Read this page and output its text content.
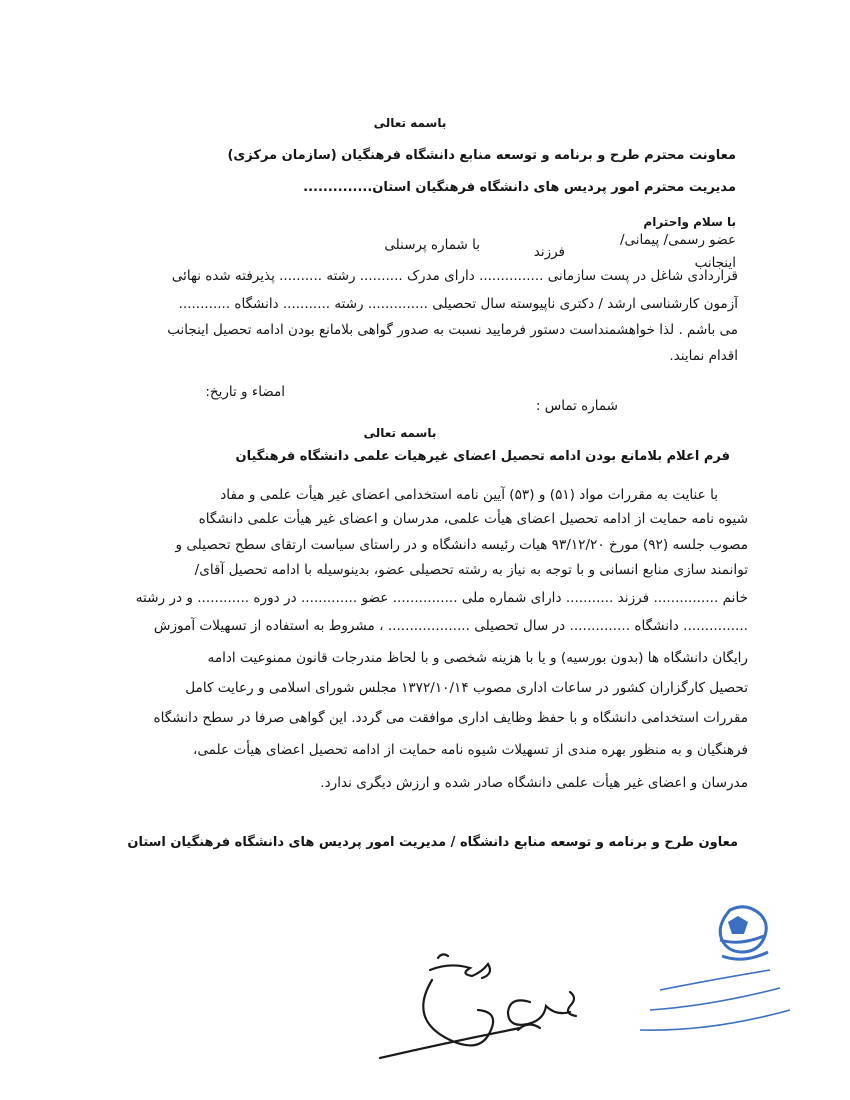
باسمه تعالی
معاونت محترم طرح و برنامه و توسعه منابع دانشگاه فرهنگیان (سازمان مرکزی)
مدیریت محترم امور پردیس های دانشگاه فرهنگیان استان..............
با سلام واحترام
عضو رسمی/ پیمانی/
اینجانب
فرزند
با شماره پرسنلی
قراردادی شاغل در پست سازمانی ............... دارای مدرک .......... رشته .......... پذیرفته شده نهائی
آزمون کارشناسی ارشد / دکتری ناپیوسته سال تحصیلی .............. رشته ........... دانشگاه ............
می باشم . لذا خواهشمنداست دستور فرمایید نسبت به صدور گواهی بلامانع بودن ادامه تحصیل اینجانب
اقدام نمایند.
امضاء و تاریخ:
شماره تماس :
باسمه تعالی
فرم اعلام بلامانع بودن ادامه تحصیل اعضای غیرهیات علمی دانشگاه فرهنگیان
با عنایت به مقررات مواد (۵۱) و (۵۳) آیین نامه استخدامی اعضای غیر هیأت علمی و مفاد
شیوه نامه حمایت از ادامه تحصیل اعضای هیأت علمی، مدرسان و اعضای غیر هیأت علمی دانشگاه
مصوب جلسه (۹۲) مورخ ۹۳/۱۲/۲۰ هیات رئیسه دانشگاه و در راستای سیاست ارتقای سطح تحصیلی و
توانمند سازی منابع انسانی و با توجه به نیاز به رشته تحصیلی عضو، بدینوسیله با ادامه تحصیل آقای/
خانم ............... فرزند ........... دارای شماره ملی ............... عضو ............. در دوره ............ و در رشته
............... دانشگاه .............. در سال تحصیلی ................... ، مشروط به استفاده از تسهیلات آموزش
رایگان دانشگاه ها (بدون بورسیه) و یا با هزینه شخصی و با لحاظ مندرجات قانون ممنوعیت ادامه
تحصیل کارگزاران کشور در ساعات اداری مصوب ۱۳۷۲/۱۰/۱۴ مجلس شورای اسلامی و رعایت کامل
مقررات استخدامی دانشگاه و با حفظ وظایف اداری موافقت می گردد. این گواهی صرفا در سطح دانشگاه
فرهنگیان و به منظور بهره مندی از تسهیلات شیوه نامه حمایت از ادامه تحصیل اعضای هیأت علمی،
مدرسان و اعضای غیر هیأت علمی دانشگاه صادر شده و ارزش دیگری ندارد.
معاون طرح و برنامه و توسعه منابع دانشگاه / مدیریت امور پردیس های دانشگاه فرهنگیان استان
